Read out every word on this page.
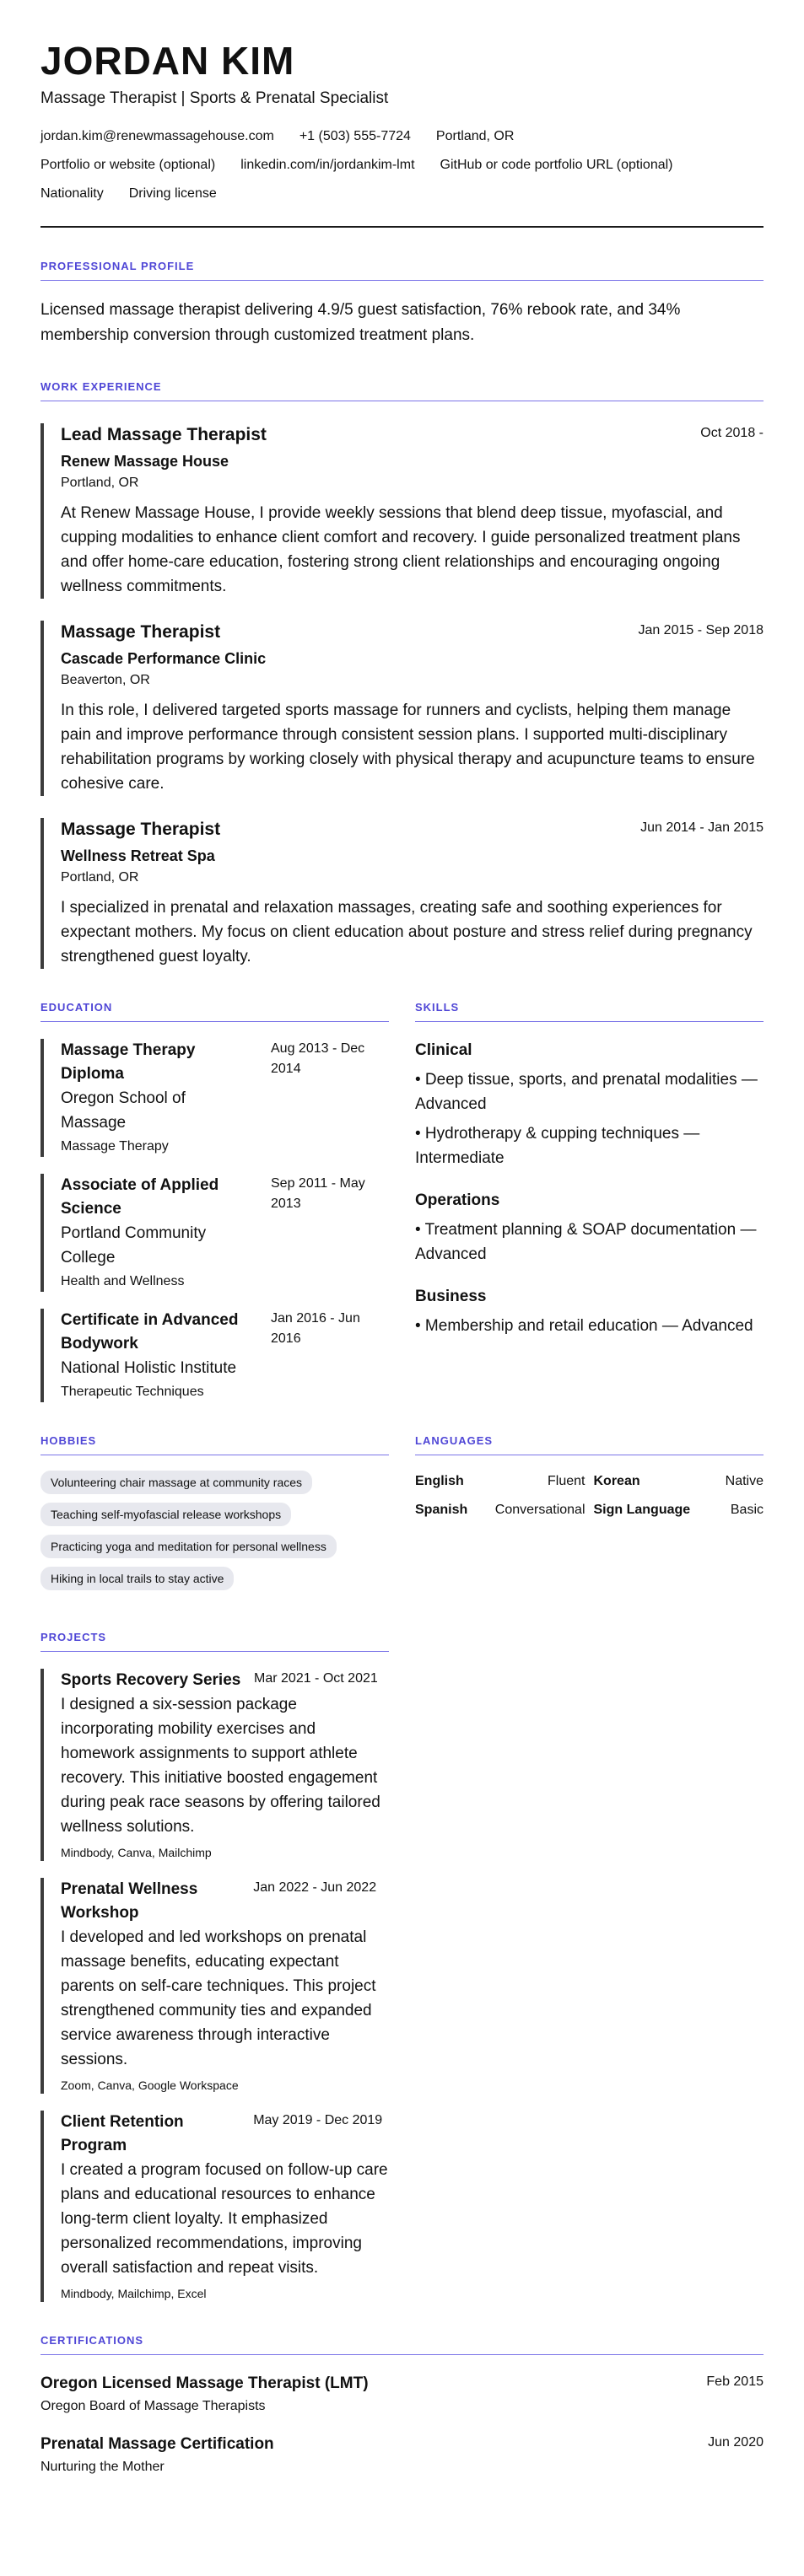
JORDAN KIM
Massage Therapist | Sports & Prenatal Specialist
jordan.kim@renewmassagehouse.com +1 (503) 555-7724 Portland, OR
Portfolio or website (optional) linkedin.com/in/jordankim-lmt GitHub or code portfolio URL (optional)
Nationality Driving license
PROFESSIONAL PROFILE
Licensed massage therapist delivering 4.9/5 guest satisfaction, 76% rebook rate, and 34% membership conversion through customized treatment plans.
WORK EXPERIENCE
Lead Massage Therapist	Oct 2018 -
Renew Massage House
Portland, OR
At Renew Massage House, I provide weekly sessions that blend deep tissue, myofascial, and cupping modalities to enhance client comfort and recovery. I guide personalized treatment plans and offer home-care education, fostering strong client relationships and encouraging ongoing wellness commitments.
Massage Therapist	Jan 2015 - Sep 2018
Cascade Performance Clinic
Beaverton, OR
In this role, I delivered targeted sports massage for runners and cyclists, helping them manage pain and improve performance through consistent session plans. I supported multi-disciplinary rehabilitation programs by working closely with physical therapy and acupuncture teams to ensure cohesive care.
Massage Therapist	Jun 2014 - Jan 2015
Wellness Retreat Spa
Portland, OR
I specialized in prenatal and relaxation massages, creating safe and soothing experiences for expectant mothers. My focus on client education about posture and stress relief during pregnancy strengthened guest loyalty.
EDUCATION
Massage Therapy Diploma
Aug 2013 - Dec 2014
Oregon School of Massage
Massage Therapy
Associate of Applied Science
Sep 2011 - May 2013
Portland Community College
Health and Wellness
Certificate in Advanced Bodywork
Jan 2016 - Jun 2016
National Holistic Institute
Therapeutic Techniques
SKILLS
Clinical
• Deep tissue, sports, and prenatal modalities — Advanced
• Hydrotherapy & cupping techniques — Intermediate
Operations
• Treatment planning & SOAP documentation — Advanced
Business
• Membership and retail education — Advanced
HOBBIES
Volunteering chair massage at community races
Teaching self-myofascial release workshops
Practicing yoga and meditation for personal wellness
Hiking in local trails to stay active
LANGUAGES
English	Fluent Korean	Native
Spanish Conversational Sign Language	Basic
PROJECTS
Sports Recovery Series Mar 2021 - Oct 2021
I designed a six-session package incorporating mobility exercises and homework assignments to support athlete recovery. This initiative boosted engagement during peak race seasons by offering tailored wellness solutions.
Mindbody, Canva, Mailchimp
Prenatal Wellness Workshop
Jan 2022 - Jun 2022
I developed and led workshops on prenatal massage benefits, educating expectant parents on self-care techniques. This project strengthened community ties and expanded service awareness through interactive sessions.
Zoom, Canva, Google Workspace
Client Retention Program
May 2019 - Dec 2019
I created a program focused on follow-up care plans and educational resources to enhance long-term client loyalty. It emphasized personalized recommendations, improving overall satisfaction and repeat visits.
Mindbody, Mailchimp, Excel
CERTIFICATIONS
Oregon Licensed Massage Therapist (LMT)	Feb 2015
Oregon Board of Massage Therapists
Prenatal Massage Certification	Jun 2020
Nurturing the Mother
